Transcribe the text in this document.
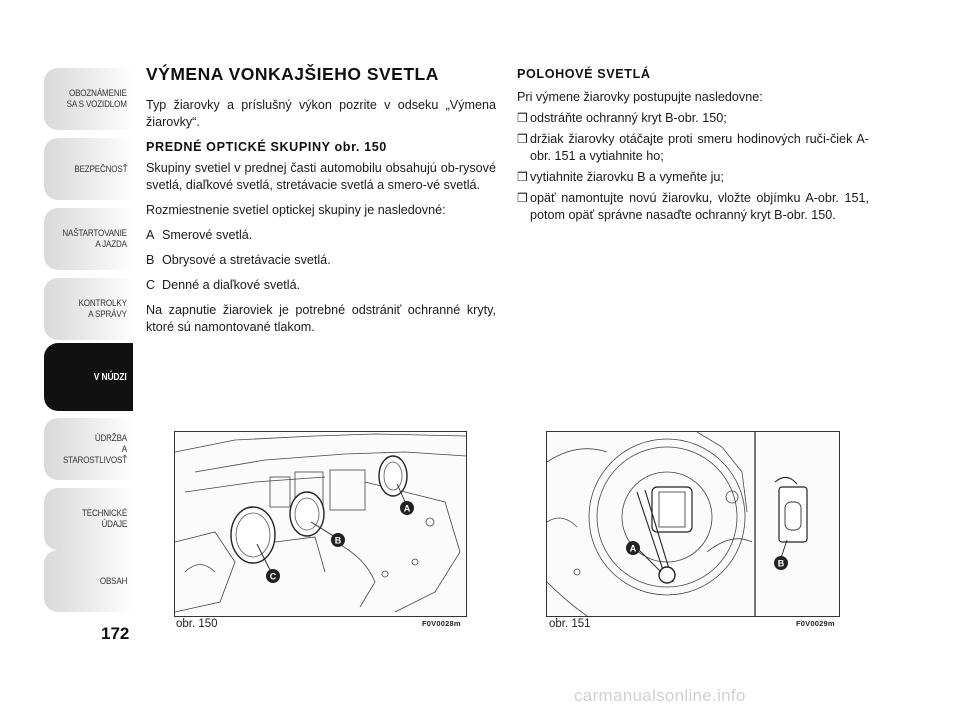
OBOZNÁMENIE
SA S VOZIDLOM
BEZPEČNOSŤ
NAŠTARTOVANIE
A JAZDA
KONTROLKY
A SPRÁVY
V NÚDZI
ÚDRŽBA
A STAROSTLIVOSŤ
TECHNICKÉ
ÚDAJE
OBSAH
172
VÝMENA VONKAJŠIEHO SVETLA

Typ žiarovky a príslušný výkon pozrite v odseku „Výmena žiarovky“.

PREDNÉ OPTICKÉ SKUPINY obr. 150

Skupiny svetiel v prednej časti automobilu obsahujú ob-rysové svetlá, diaľkové svetlá, stretávacie svetlá a smero-vé svetlá.

Rozmiestnenie svetiel optickej skupiny je nasledovné:

A Smerové svetlá.
B Obrysové a stretávacie svetlá.
C Denné a diaľkové svetlá.

Na zapnutie žiaroviek je potrebné odstrániť ochranné kryty, ktoré sú namontované tlakom.

POLOHOVÉ SVETLÁ

Pri výmene žiarovky postupujte nasledovne:

❒ odstráňte ochranný kryt B-obr. 150;
❒ držiak žiarovky otáčajte proti smeru hodinových ruči-čiek A-obr. 151 a vytiahnite ho;
❒ vytiahnite žiarovku B a vymeňte ju;
❒ opäť namontujte novú žiarovku, vložte objímku A-obr. 151, potom opäť správne nasaďte ochranný kryt B-obr. 150.
A
B
C
obr. 150	F0V0028m
A
B
obr. 151	F0V0029m
carmanualsonline.info
